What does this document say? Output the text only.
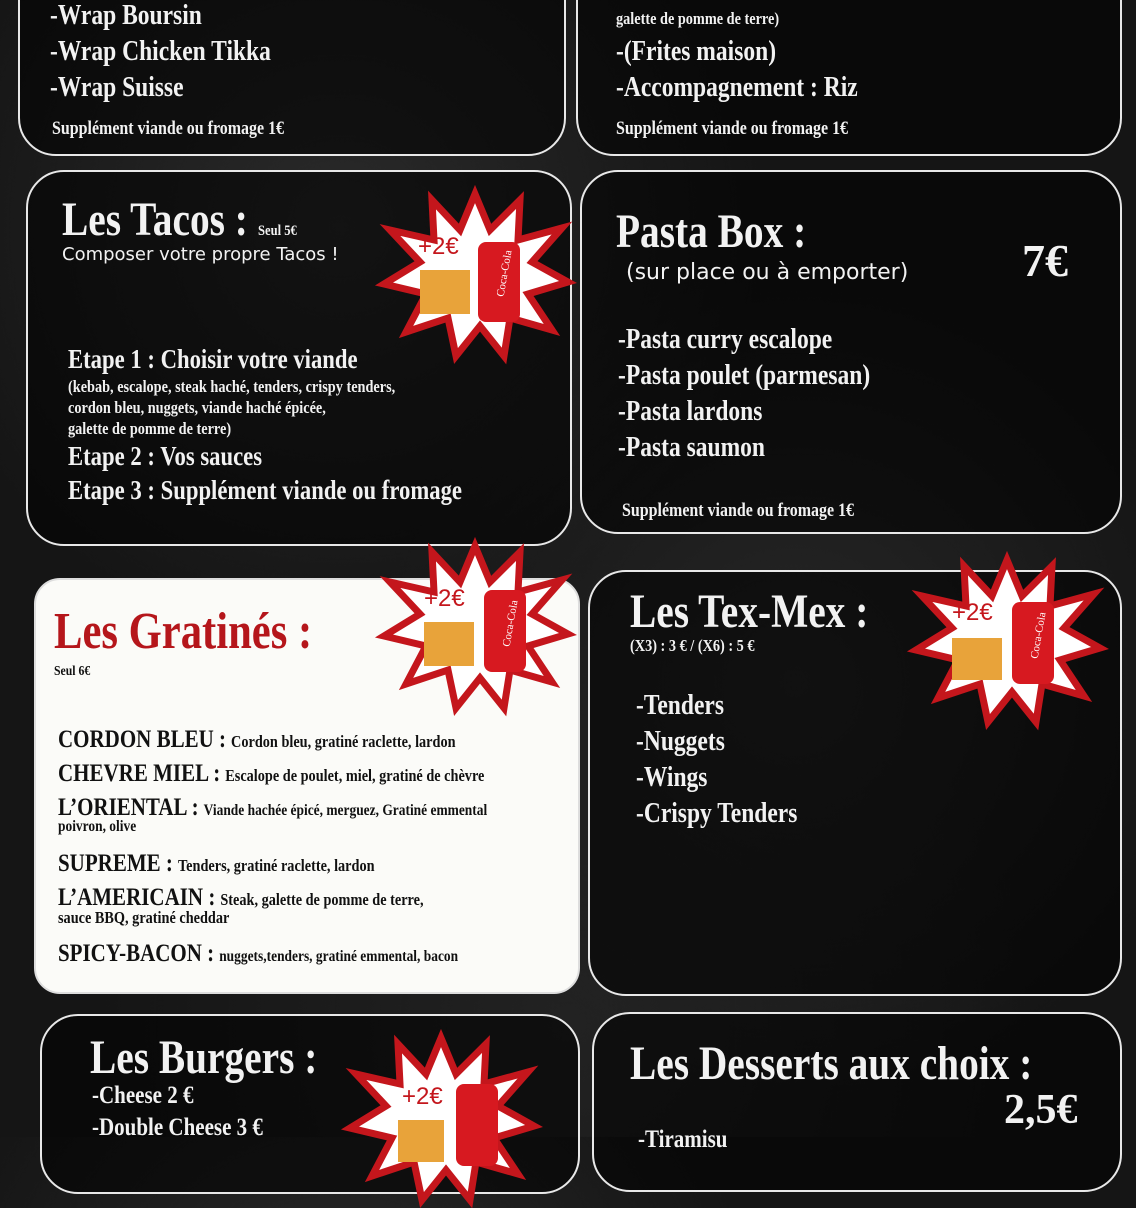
-Wrap Boursin
-Wrap Chicken Tikka
-Wrap Suisse
Supplément viande ou fromage 1€
galette de pomme de terre)
-(Frites maison)
-Accompagnement : Riz
Supplément viande ou fromage 1€
Les Tacos : Seul 5€
Composer votre propre Tacos !
Etape 1 : Choisir votre viande
(kebab, escalope, steak haché, tenders, crispy tenders,
cordon bleu, nuggets, viande haché épicée,
galette de pomme de terre)
Etape 2 : Vos sauces
Etape 3 : Supplément viande ou fromage
Pasta Box :
(sur place ou à emporter) 7€
-Pasta curry escalope
-Pasta poulet (parmesan)
-Pasta lardons
-Pasta saumon
Supplément viande ou fromage 1€
Les Gratinés :
Seul 6€
CORDON BLEU : Cordon bleu, gratiné raclette, lardon
CHEVRE MIEL : Escalope de poulet, miel, gratiné de chèvre
L’ORIENTAL : Viande hachée épicé, merguez, Gratiné emmental
poivron, olive
SUPREME : Tenders, gratiné raclette, lardon
L’AMERICAIN : Steak, galette de pomme de terre,
sauce BBQ, gratiné cheddar
SPICY-BACON : nuggets,tenders, gratiné emmental, bacon
Les Tex-Mex :
(X3) : 3 € / (X6) : 5 €
-Tenders
-Nuggets
-Wings
-Crispy Tenders
Les Burgers :
-Cheese 2 €
-Double Cheese 3 €
Les Desserts aux choix :
2,5€
-Tiramisu
+2€
Coca-Cola
+2€
Coca-Cola	+2€	Coca-Cola
+2€
